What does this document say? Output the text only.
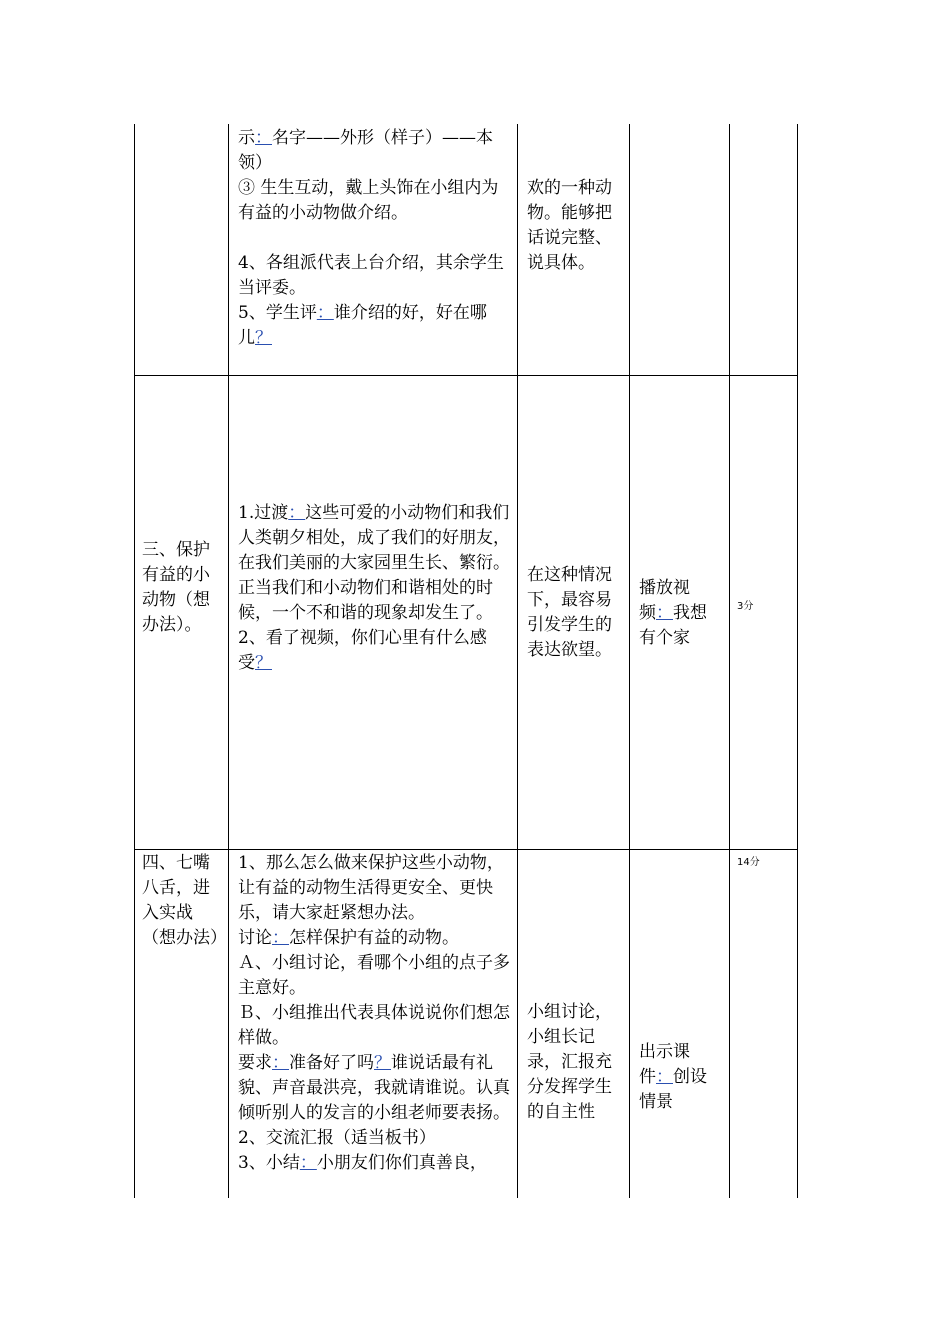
示：名字——外形（样子）——本领）

③ 生生互动，戴上头饰在小组内为有益的小动物做介绍。

4、各组派代表上台介绍，其余学生当评委。

5、学生评：谁介绍的好，好在哪儿？

欢的一种动物。能够把话说完整、说具体。
三、保护有益的小动物（想办法）。

1.过渡：这些可爱的小动物们和我们人类朝夕相处，成了我们的好朋友，在我们美丽的大家园里生长、繁衍。正当我们和小动物们和谐相处的时候，一个不和谐的现象却发生了。

2、看了视频，你们心里有什么感受？

在这种情况下，最容易引发学生的表达欲望。
播放视频：我想有个家
3分
四、七嘴八舌，进入实战（想办法）

1、那么怎么做来保护这些小动物，让有益的动物生活得更安全、更快乐，请大家赶紧想办法。

讨论：怎样保护有益的动物。

Ａ、小组讨论，看哪个小组的点子多主意好。

Ｂ、小组推出代表具体说说你们想怎样做。

要求：准备好了吗？谁说话最有礼貌、声音最洪亮，我就请谁说。认真倾听别人的发言的小组老师要表扬。

2、交流汇报（适当板书）

3、小结：小朋友们你们真善良，

小组讨论，小组长记录，汇报充分发挥学生的自主性
出示课件：创设情景
14分
